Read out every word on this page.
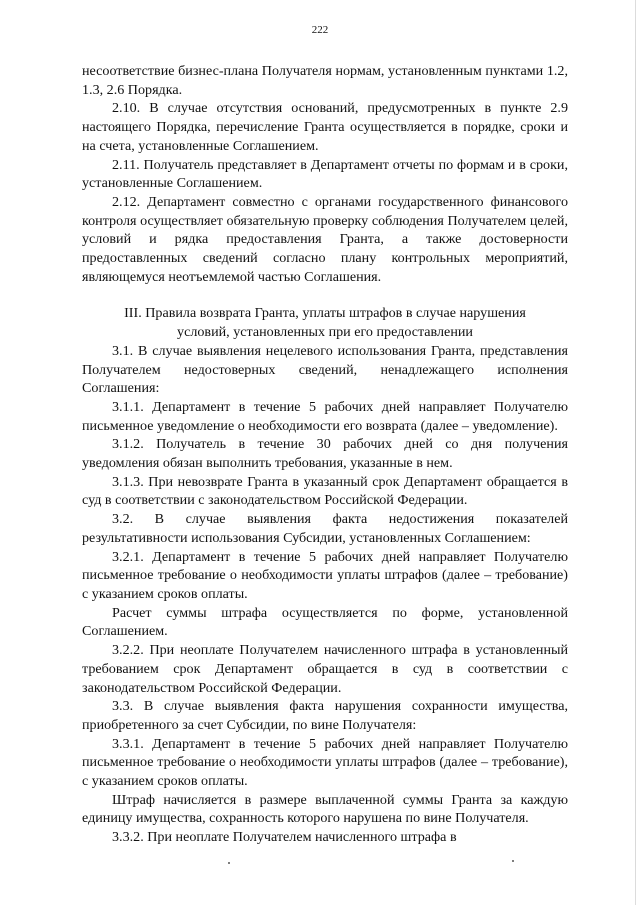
222

несоответствие бизнес-плана Получателя нормам, установленным пунктами 1.2, 1.3, 2.6 Порядка.

2.10. В случае отсутствия оснований, предусмотренных в пункте 2.9 настоящего Порядка, перечисление Гранта осуществляется в порядке, сроки и на счета, установленные Соглашением.

2.11. Получатель представляет в Департамент отчеты по формам и в сроки, установленные Соглашением.

2.12. Департамент совместно с органами государственного финансового контроля осуществляет обязательную проверку соблюдения Получателем целей, условий и рядка предоставления Гранта, а также достоверности предоставленных сведений согласно плану контрольных мероприятий, являющемуся неотъемлемой частью Соглашения.

III. Правила возврата Гранта, уплаты штрафов в случае нарушения
условий, установленных при его предоставлении

3.1. В случае выявления нецелевого использования Гранта, представления Получателем недостоверных сведений, ненадлежащего исполнения Соглашения:

3.1.1. Департамент в течение 5 рабочих дней направляет Получателю письменное уведомление о необходимости его возврата (далее – уведомление).

3.1.2. Получатель в течение 30 рабочих дней со дня получения уведомления обязан выполнить требования, указанные в нем.

3.1.3. При невозврате Гранта в указанный срок Департамент обращается в суд в соответствии с законодательством Российской Федерации.

3.2. В случае выявления факта недостижения показателей результативности использования Субсидии, установленных Соглашением:

3.2.1. Департамент в течение 5 рабочих дней направляет Получателю письменное требование о необходимости уплаты штрафов (далее – требование) с указанием сроков оплаты.

Расчет суммы штрафа осуществляется по форме, установленной Соглашением.

3.2.2. При неоплате Получателем начисленного штрафа в установленный требованием срок Департамент обращается в суд в соответствии с законодательством Российской Федерации.

3.3. В случае выявления факта нарушения сохранности имущества, приобретенного за счет Субсидии, по вине Получателя:

3.3.1. Департамент в течение 5 рабочих дней направляет Получателю письменное требование о необходимости уплаты штрафов (далее – требование), с указанием сроков оплаты.

Штраф начисляется в размере выплаченной суммы Гранта за каждую единицу имущества, сохранность которого нарушена по вине Получателя.

3.3.2. При неоплате Получателем начисленного штрафа в
